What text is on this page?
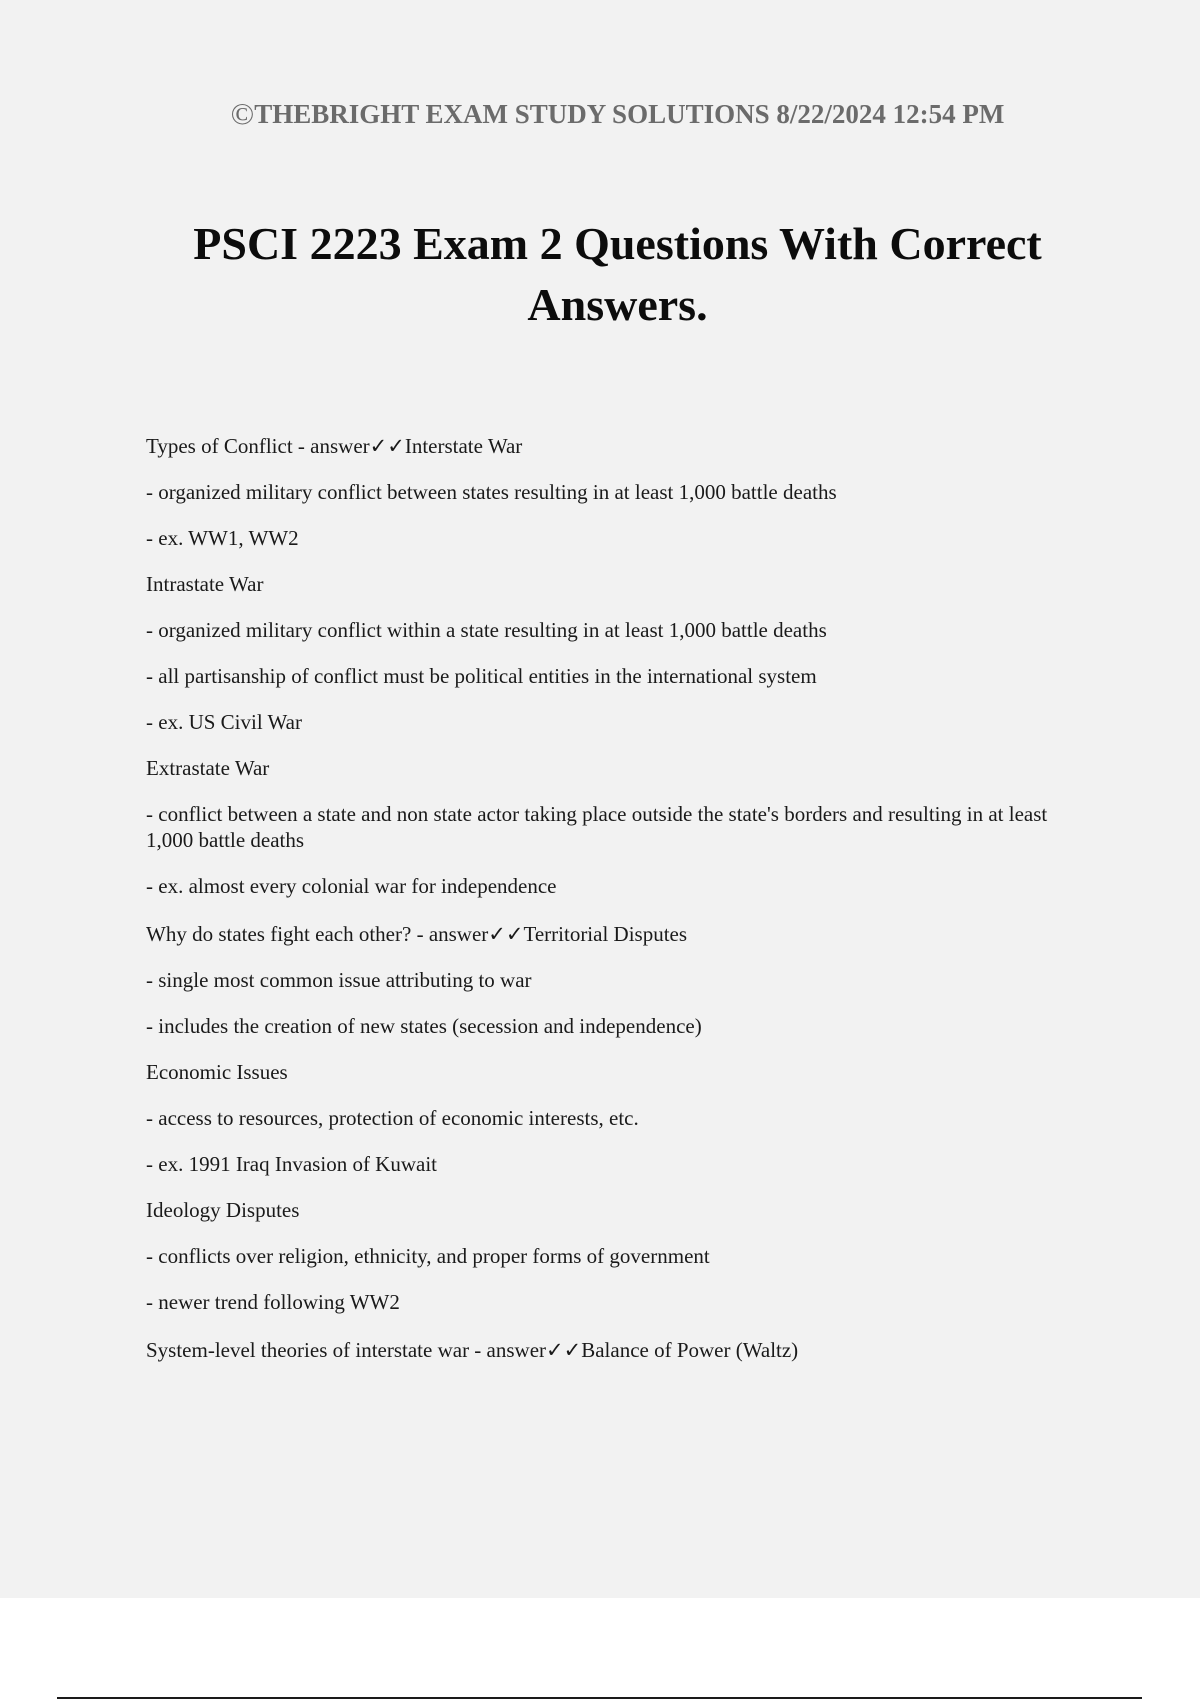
©THEBRIGHT EXAM STUDY SOLUTIONS 8/22/2024 12:54 PM
PSCI 2223 Exam 2 Questions With Correct Answers.

Types of Conflict - answer✓✓Interstate War

- organized military conflict between states resulting in at least 1,000 battle deaths

- ex. WW1, WW2

Intrastate War

- organized military conflict within a state resulting in at least 1,000 battle deaths

- all partisanship of conflict must be political entities in the international system

- ex. US Civil War

Extrastate War

- conflict between a state and non state actor taking place outside the state's borders and resulting in at least 1,000 battle deaths

- ex. almost every colonial war for independence

Why do states fight each other? - answer✓✓Territorial Disputes

- single most common issue attributing to war

- includes the creation of new states (secession and independence)

Economic Issues

- access to resources, protection of economic interests, etc.

- ex. 1991 Iraq Invasion of Kuwait

Ideology Disputes

- conflicts over religion, ethnicity, and proper forms of government

- newer trend following WW2

System-level theories of interstate war - answer✓✓Balance of Power (Waltz)
